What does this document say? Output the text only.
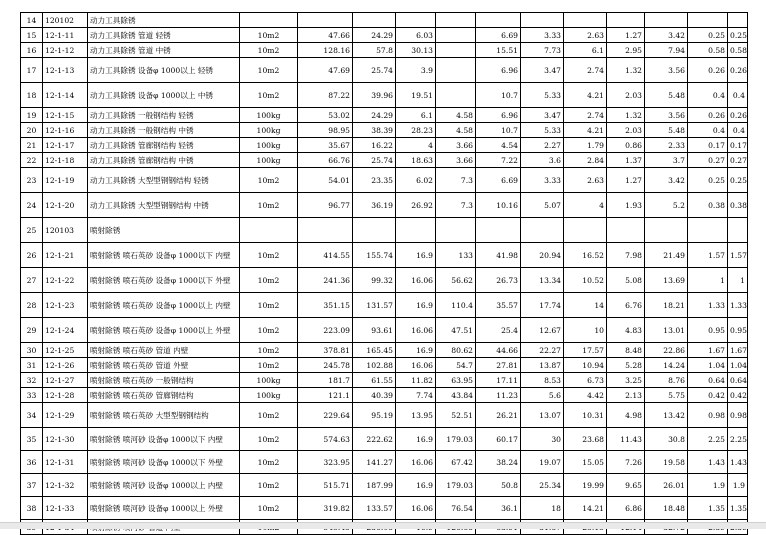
14	120102	动力工具除锈												
15	12-1-11	动力工具除锈 管道 轻锈	10m2	47.66	24.29	6.03		6.69	3.33	2.63	1.27	3.42	0.25	0.25
16	12-1-12	动力工具除锈 管道 中锈	10m2	128.16	57.8	30.13		15.51	7.73	6.1	2.95	7.94	0.58	0.58
17	12-1-13	动力工具除锈 设备φ 1000以上 轻锈	10m2	47.69	25.74	3.9		6.96	3.47	2.74	1.32	3.56	0.26	0.26
18	12-1-14	动力工具除锈 设备φ 1000以上 中锈	10m2	87.22	39.96	19.51		10.7	5.33	4.21	2.03	5.48	0.4	0.4
19	12-1-15	动力工具除锈 一般钢结构 轻锈	100kg	53.02	24.29	6.1	4.58	6.96	3.47	2.74	1.32	3.56	0.26	0.26
20	12-1-16	动力工具除锈 一般钢结构 中锈	100kg	98.95	38.39	28.23	4.58	10.7	5.33	4.21	2.03	5.48	0.4	0.4
21	12-1-17	动力工具除锈 管廊钢结构 轻锈	100kg	35.67	16.22	4	3.66	4.54	2.27	1.79	0.86	2.33	0.17	0.17
22	12-1-18	动力工具除锈 管廊钢结构 中锈	100kg	66.76	25.74	18.63	3.66	7.22	3.6	2.84	1.37	3.7	0.27	0.27
23	12-1-19	动力工具除锈 大型型钢钢结构 轻锈	10m2	54.01	23.35	6.02	7.3	6.69	3.33	2.63	1.27	3.42	0.25	0.25
24	12-1-20	动力工具除锈 大型型钢钢结构 中锈	10m2	96.77	36.19	26.92	7.3	10.16	5.07	4	1.93	5.2	0.38	0.38
25	120103	喷射除锈												
26	12-1-21	喷射除锈 喷石英砂 设备φ 1000以下 内壁	10m2	414.55	155.74	16.9	133	41.98	20.94	16.52	7.98	21.49	1.57	1.57
27	12-1-22	喷射除锈 喷石英砂 设备φ 1000以下 外壁	10m2	241.36	99.32	16.06	56.62	26.73	13.34	10.52	5.08	13.69	1	1
28	12-1-23	喷射除锈 喷石英砂 设备φ 1000以上 内壁	10m2	351.15	131.57	16.9	110.4	35.57	17.74	14	6.76	18.21	1.33	1.33
29	12-1-24	喷射除锈 喷石英砂 设备φ 1000以上 外壁	10m2	223.09	93.61	16.06	47.51	25.4	12.67	10	4.83	13.01	0.95	0.95
30	12-1-25	喷射除锈 喷石英砂 管道 内壁	10m2	378.81	165.45	16.9	80.62	44.66	22.27	17.57	8.48	22.86	1.67	1.67
31	12-1-26	喷射除锈 喷石英砂 管道 外壁	10m2	245.78	102.88	16.06	54.7	27.81	13.87	10.94	5.28	14.24	1.04	1.04
32	12-1-27	喷射除锈 喷石英砂 一般钢结构	100kg	181.7	61.55	11.82	63.95	17.11	8.53	6.73	3.25	8.76	0.64	0.64
33	12-1-28	喷射除锈 喷石英砂 管廊钢结构	100kg	121.1	40.39	7.74	43.84	11.23	5.6	4.42	2.13	5.75	0.42	0.42
34	12-1-29	喷射除锈 喷石英砂 大型型钢钢结构	10m2	229.64	95.19	13.95	52.51	26.21	13.07	10.31	4.98	13.42	0.98	0.98
35	12-1-30	喷射除锈 喷河砂 设备φ 1000以下 内壁	10m2	574.63	222.62	16.9	179.03	60.17	30	23.68	11.43	30.8	2.25	2.25
36	12-1-31	喷射除锈 喷河砂 设备φ 1000以下 外壁	10m2	323.95	141.27	16.06	67.42	38.24	19.07	15.05	7.26	19.58	1.43	1.43
37	12-1-32	喷射除锈 喷河砂 设备φ 1000以上 内壁	10m2	515.71	187.99	16.9	179.03	50.8	25.34	19.99	9.65	26.01	1.9	1.9
38	12-1-33	喷射除锈 喷河砂 设备φ 1000以上 外壁	10m2	319.82	133.57	16.06	76.54	36.1	18	14.21	6.86	18.48	1.35	1.35
